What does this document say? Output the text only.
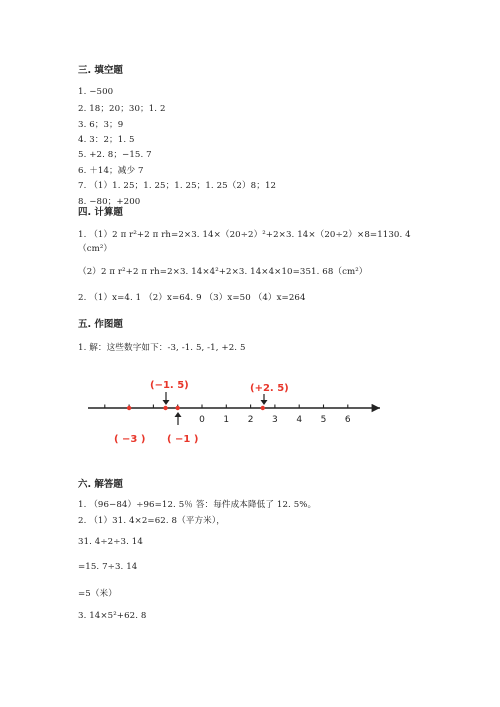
三. 填空题
1. −500
2. 18；20；30；1. 2
3. 6；3；9
4. 3：2；1. 5
5. +2. 8；−15. 7
6. ＋14；减少 7
7. （1）1. 25；1. 25；1. 25；1. 25（2）8；12
8. −80；+200
四. 计算题
1. （1）2 π r²+2 π rh=2×3. 14×（20÷2）²+2×3. 14×（20÷2）×8=1130. 4
（cm²）
（2）2 π r²+2 π rh=2×3. 14×4²+2×3. 14×4×10=351. 68（cm²）
2. （1）x=4. 1 （2）x=64. 9 （3）x=50 （4）x=264
五. 作图题
1. 解：这些数字如下：-3, -1. 5, -1, +2. 5
0 1 2 3 4 5 6
(−1. 5)	(+2. 5)
( −3 ) ( −1 )
六. 解答题
1. （96−84）÷96=12. 5％ 答：每件成本降低了 12. 5%。
2. （1）31. 4×2=62. 8（平方米），
31. 4÷2÷3. 14
=15. 7÷3. 14
=5（米）
3. 14×5²+62. 8
